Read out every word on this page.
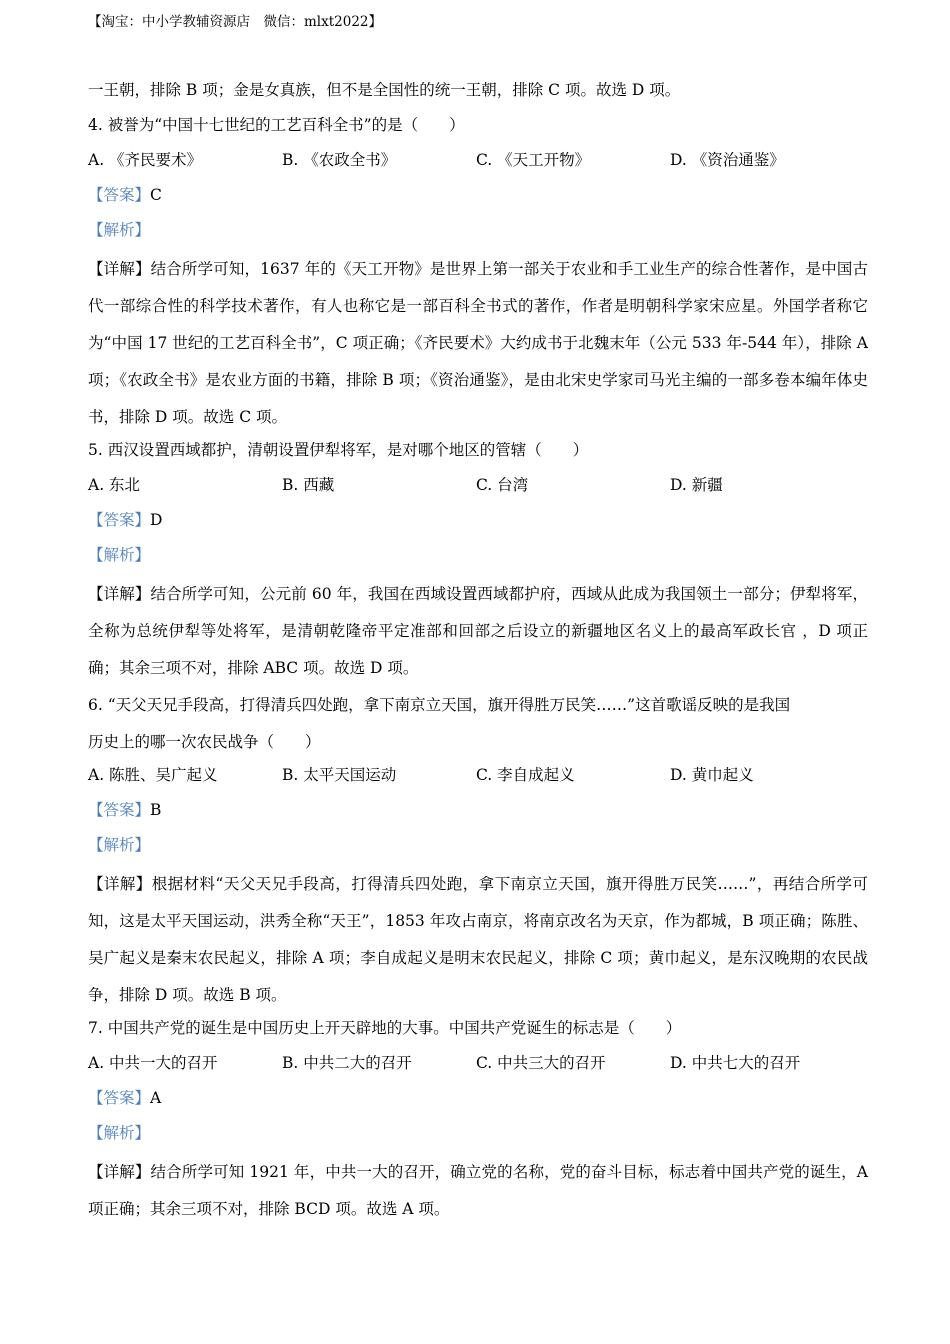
【淘宝：中小学教辅资源店　微信：mlxt2022】
一王朝，排除 B 项；金是女真族，但不是全国性的统一王朝，排除 C 项。故选 D 项。
4. 被誉为“中国十七世纪的工艺百科全书”的是（　　）
A. 《齐民要术》	B. 《农政全书》	C. 《天工开物》	D. 《资治通鉴》
【答案】C
【解析】

【详解】结合所学可知，1637 年的《天工开物》是世界上第一部关于农业和手工业生产的综合性著作，是中国古代一部综合性的科学技术著作，有人也称它是一部百科全书式的著作，作者是明朝科学家宋应星。外国学者称它为“中国 17 世纪的工艺百科全书”，C 项正确；《齐民要术》大约成书于北魏末年（公元 533 年-544 年），排除 A 项；《农政全书》是农业方面的书籍，排除 B 项；《资治通鉴》，是由北宋史学家司马光主编的一部多卷本编年体史书，排除 D 项。故选 C 项。

5. 西汉设置西域都护，清朝设置伊犁将军，是对哪个地区的管辖（　　）
A. 东北	B. 西藏	C. 台湾	D. 新疆
【答案】D
【解析】

【详解】结合所学可知，公元前 60 年，我国在西域设置西域都护府，西域从此成为我国领土一部分；伊犁将军，全称为总统伊犁等处将军，是清朝乾隆帝平定准部和回部之后设立的新疆地区名义上的最高军政长官 ，D 项正确；其余三项不对，排除 ABC 项。故选 D 项。

6. “天父天兄手段高，打得清兵四处跑，拿下南京立天国，旗开得胜万民笑……”这首歌谣反映的是我国
历史上的哪一次农民战争（　　）

A. 陈胜、吴广起义	B. 太平天国运动	C. 李自成起义	D. 黄巾起义
【答案】B
【解析】

【详解】根据材料“天父天兄手段高，打得清兵四处跑，拿下南京立天国，旗开得胜万民笑……”，再结合所学可知，这是太平天国运动，洪秀全称“天王”，1853 年攻占南京，将南京改名为天京，作为都城，B 项正确；陈胜、吴广起义是秦末农民起义，排除 A 项；李自成起义是明末农民起义，排除 C 项；黄巾起义，是东汉晚期的农民战争，排除 D 项。故选 B 项。

7. 中国共产党的诞生是中国历史上开天辟地的大事。中国共产党诞生的标志是（　　）
A. 中共一大的召开	B. 中共二大的召开	C. 中共三大的召开	D. 中共七大的召开
【答案】A
【解析】

【详解】结合所学可知 1921 年，中共一大的召开，确立党的名称，党的奋斗目标，标志着中国共产党的诞生，A 项正确；其余三项不对，排除 BCD 项。故选 A 项。
